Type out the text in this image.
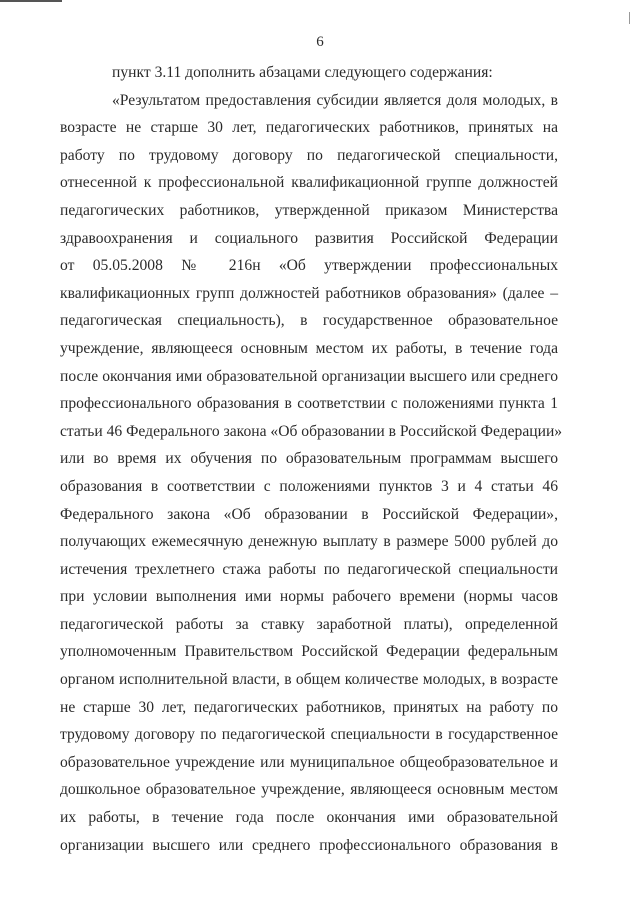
6
пункт 3.11 дополнить абзацами следующего содержания:
«Результатом предоставления субсидии является доля молодых, в
возрасте не старше 30 лет, педагогических работников, принятых на
работу по трудовому договору по педагогической специальности,
отнесенной к профессиональной квалификационной группе должностей
педагогических работников, утвержденной приказом Министерства
здравоохранения и социального развития Российской Федерации
от 05.05.2008 № 216н «Об утверждении профессиональных
квалификационных групп должностей работников образования» (далее –
педагогическая специальность), в государственное образовательное
учреждение, являющееся основным местом их работы, в течение года
после окончания ими образовательной организации высшего или среднего
профессионального образования в соответствии с положениями пункта 1
статьи 46 Федерального закона «Об образовании в Российской Федерации»
или во время их обучения по образовательным программам высшего
образования в соответствии с положениями пунктов 3 и 4 статьи 46
Федерального закона «Об образовании в Российской Федерации»,
получающих ежемесячную денежную выплату в размере 5000 рублей до
истечения трехлетнего стажа работы по педагогической специальности
при условии выполнения ими нормы рабочего времени (нормы часов
педагогической работы за ставку заработной платы), определенной
уполномоченным Правительством Российской Федерации федеральным
органом исполнительной власти, в общем количестве молодых, в возрасте
не старше 30 лет, педагогических работников, принятых на работу по
трудовому договору по педагогической специальности в государственное
образовательное учреждение или муниципальное общеобразовательное и
дошкольное образовательное учреждение, являющееся основным местом
их работы, в течение года после окончания ими образовательной
организации высшего или среднего профессионального образования в
